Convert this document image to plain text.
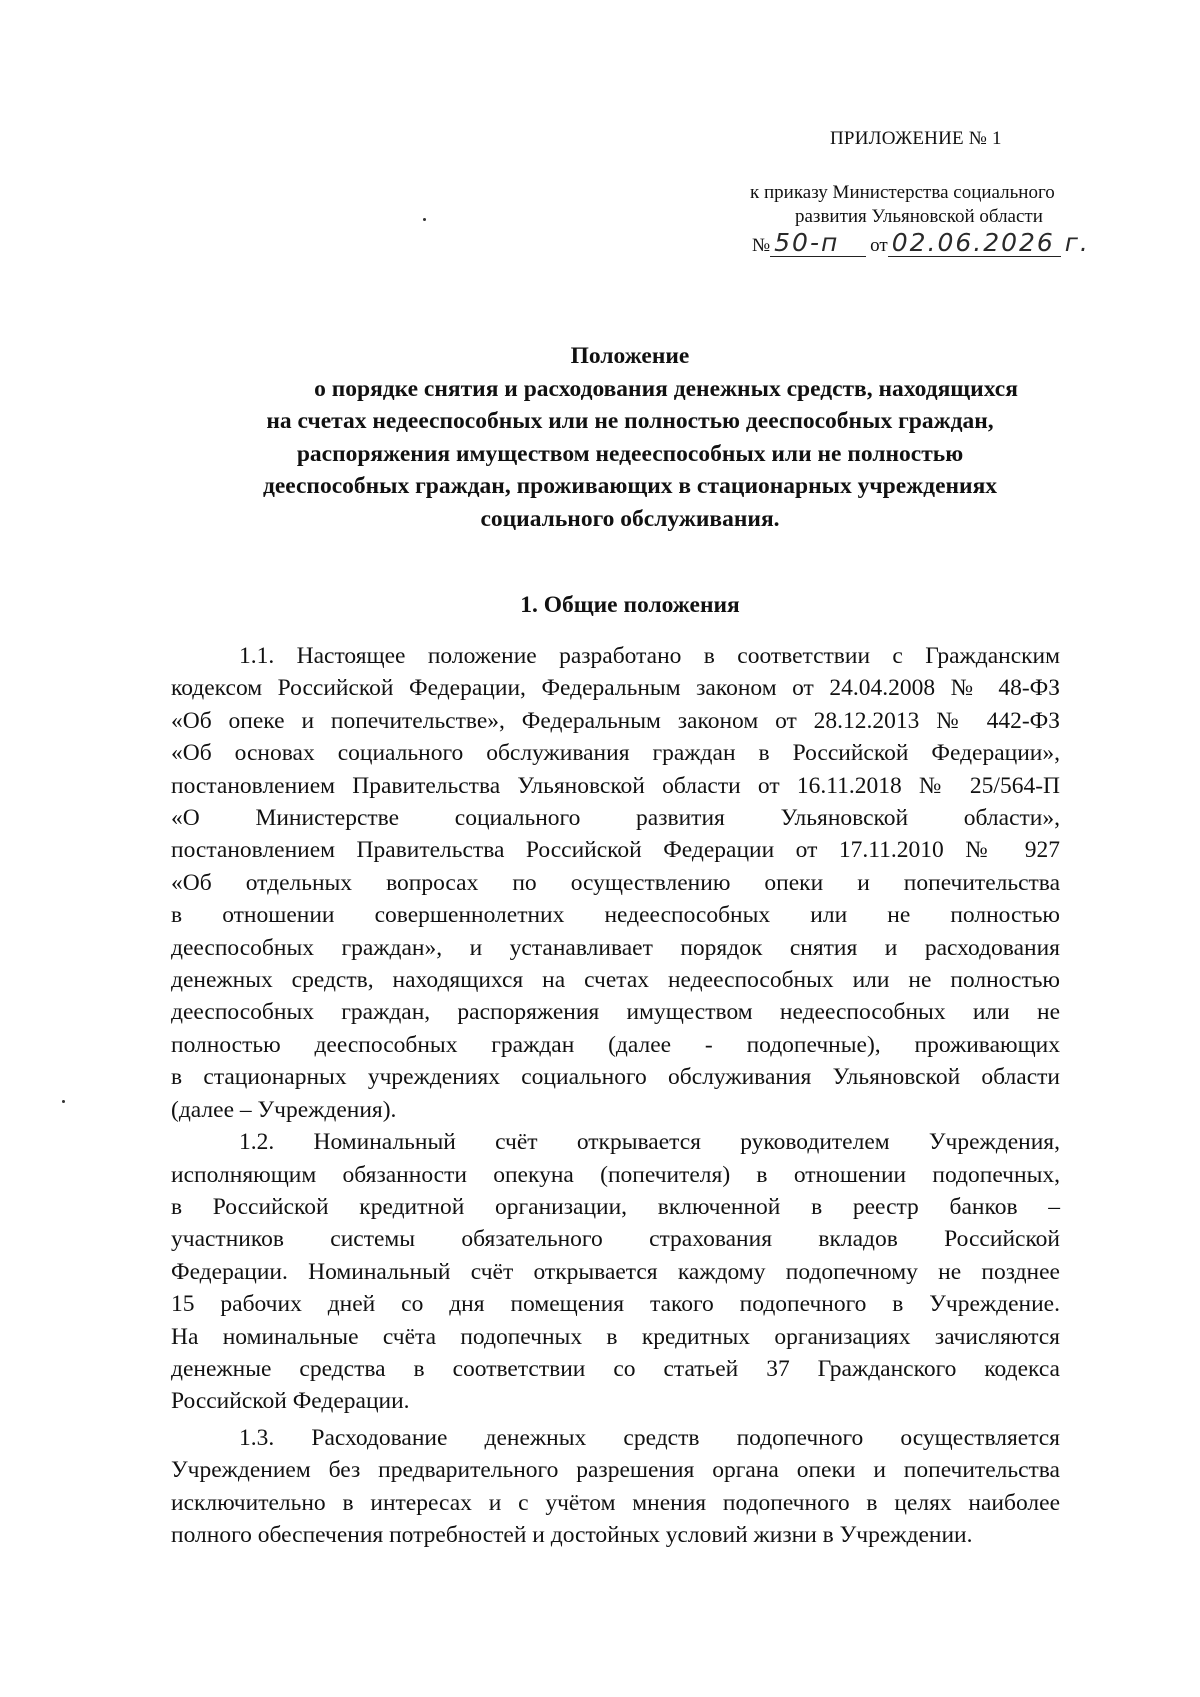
ПРИЛОЖЕНИЕ № 1
к приказу Министерства социального
развития Ульяновской области
№ 50-п	от 02.06.2026 г.
Положение
о порядке снятия и расходования денежных средств, находящихся
на счетах недееспособных или не полностью дееспособных граждан,
распоряжения имуществом недееспособных или не полностью
дееспособных граждан, проживающих в стационарных учреждениях
социального обслуживания.
1. Общие положения
1.1. Настоящее положение разработано в соответствии с Гражданским
кодексом Российской Федерации, Федеральным законом от 24.04.2008 № 48-ФЗ
«Об опеке и попечительстве», Федеральным законом от 28.12.2013 № 442-ФЗ
«Об основах социального обслуживания граждан в Российской Федерации»,
постановлением Правительства Ульяновской области от 16.11.2018 № 25/564-П
«О Министерстве социального развития Ульяновской области»,
постановлением Правительства Российской Федерации от 17.11.2010 № 927
«Об отдельных вопросах по осуществлению опеки и попечительства
в отношении совершеннолетних недееспособных или не полностью
дееспособных граждан», и устанавливает порядок снятия и расходования
денежных средств, находящихся на счетах недееспособных или не полностью
дееспособных граждан, распоряжения имуществом недееспособных или не
полностью дееспособных граждан (далее - подопечные), проживающих
в стационарных учреждениях социального обслуживания Ульяновской области
(далее – Учреждения).
1.2. Номинальный счёт открывается руководителем Учреждения,
исполняющим обязанности опекуна (попечителя) в отношении подопечных,
в Российской кредитной организации, включенной в реестр банков –
участников системы обязательного страхования вкладов Российской
Федерации. Номинальный счёт открывается каждому подопечному не позднее
15 рабочих дней со дня помещения такого подопечного в Учреждение.
На номинальные счёта подопечных в кредитных организациях зачисляются
денежные средства в соответствии со статьей 37 Гражданского кодекса
Российской Федерации.
1.3. Расходование денежных средств подопечного осуществляется
Учреждением без предварительного разрешения органа опеки и попечительства
исключительно в интересах и с учётом мнения подопечного в целях наиболее
полного обеспечения потребностей и достойных условий жизни в Учреждении.
